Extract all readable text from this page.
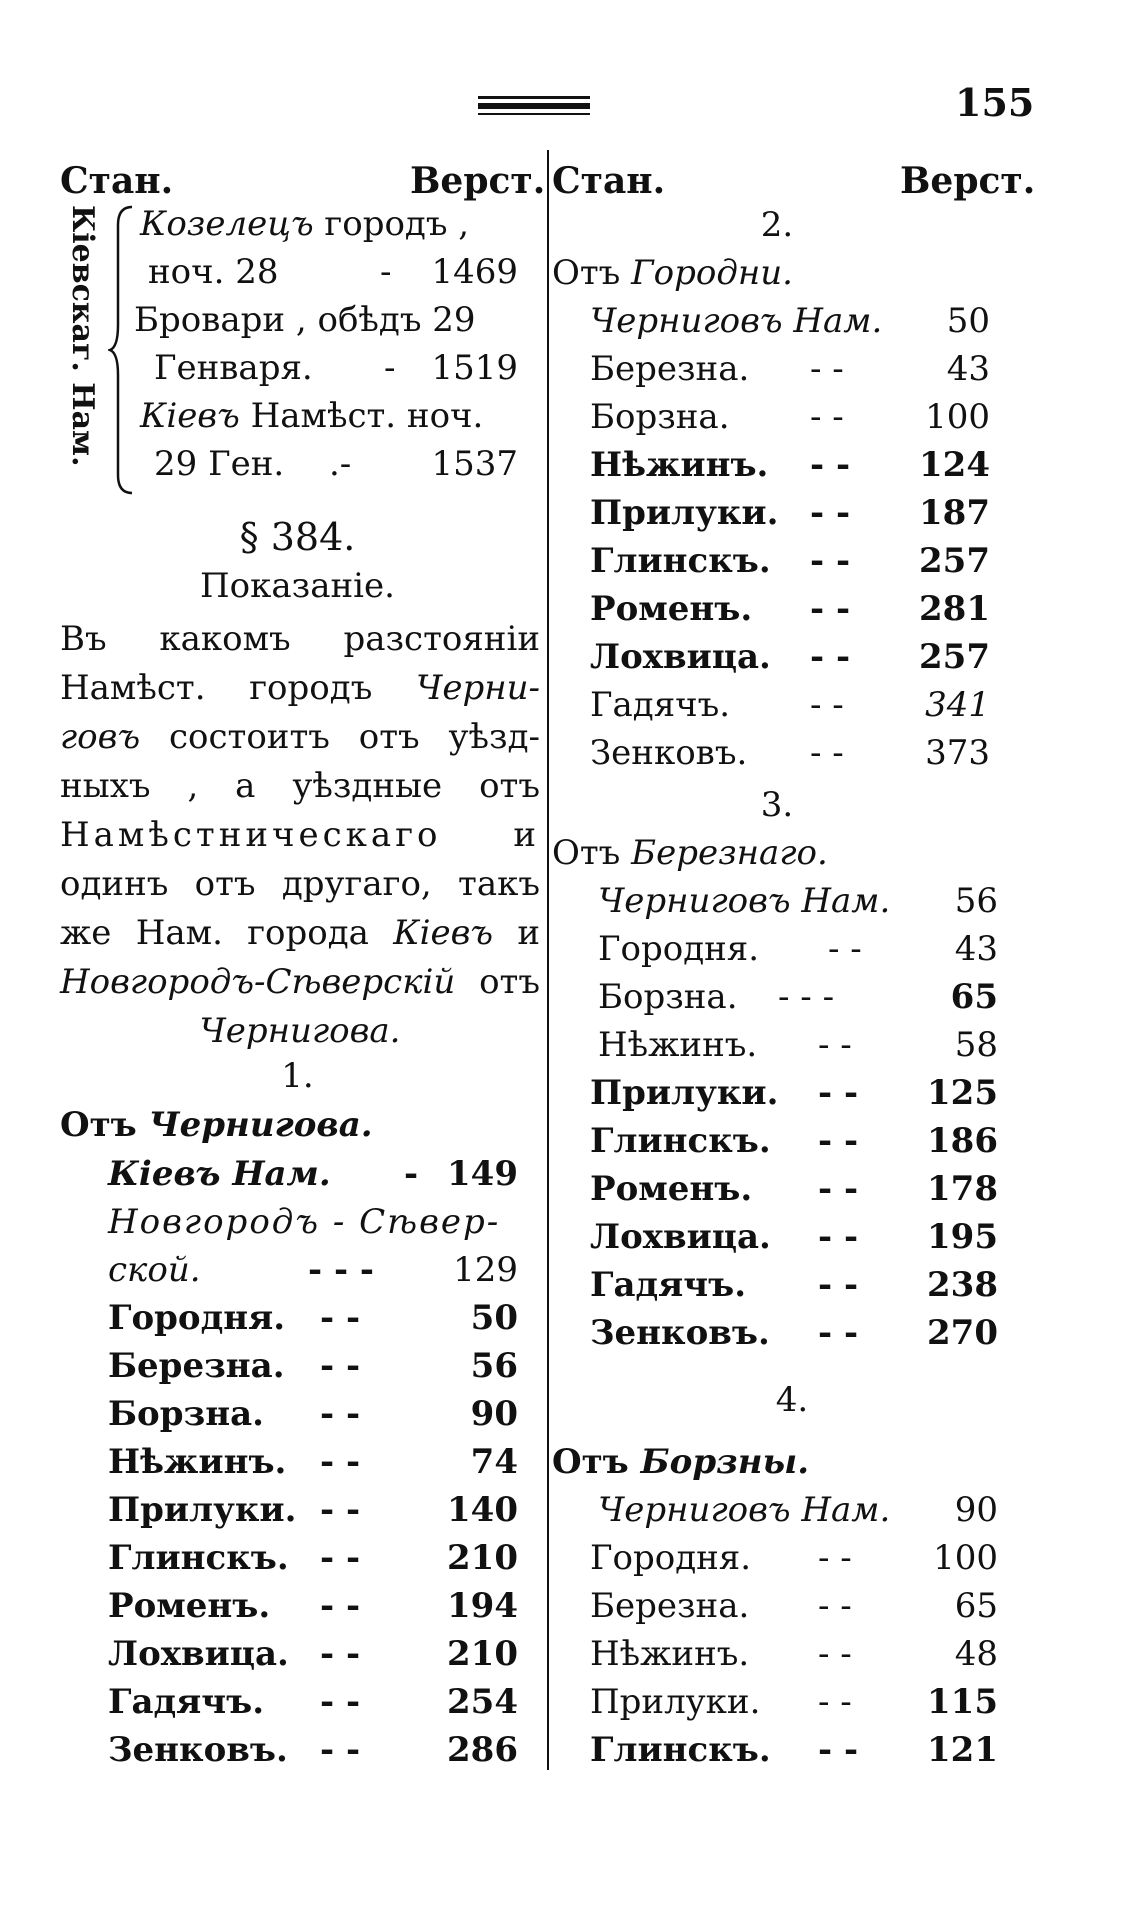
155
Стан.	Верст. Стан.	Верст.
Кіевскаг. Нам. Козелецъ городъ ,
ноч. 28	- 1469
Бровари , обѣдъ 29
Генваря. - 1519
Кіевъ Намѣст. ноч.
29 Ген. .- 1537
§ 384.
Показаніе.
Въ какомъ разстояніи
Намѣст. городъ Черни-
говъ состоитъ отъ уѣзд-
ныхъ , а уѣздные отъ
Намѣстническаго и
одинъ отъ другаго, такъ
же Нам. города Кіевъ и
Новгородъ-Сѣверскій отъ
Чернигова.
1.
Отъ Чернигова.
Кіевъ Нам. - 149
Новгородъ - Сѣвер-
ской.	- - - 129
Городня. - -	50
Березна. - -	56
Борзна. - -	90
Нѣжинъ. - -	74
Прилуки. - -	140
Глинскъ. - -	210
Роменъ. - -	194
Лохвица. - -	210
Гадячъ. - -	254
Зенковъ. - -	286
2.
Отъ Городни.
Черниговъ Нам. 50
Березна. - -	43
Борзна. - - 100
Нѣжинъ. - - 124
Прилуки. - - 187
Глинскъ. - - 257
Роменъ. - - 281
Лохвица. - - 257
Гадячъ. - - 341
Зенковъ. - - 373
3.
Отъ Березнаго.
Черниговъ Нам. 56
Городня. - -	43
Борзна. - - -	65
Нѣжинъ. - -	58
Прилуки. - - 125
Глинскъ. - - 186
Роменъ. - - 178
Лохвица. - - 195
Гадячъ. - - 238
Зенковъ. - - 270
4.
Отъ Борзны.
Черниговъ Нам. 90
Городня. - - 100
Березна. - -	65
Нѣжинъ. - -	48
Прилуки. - - 115
Глинскъ. - - 121
